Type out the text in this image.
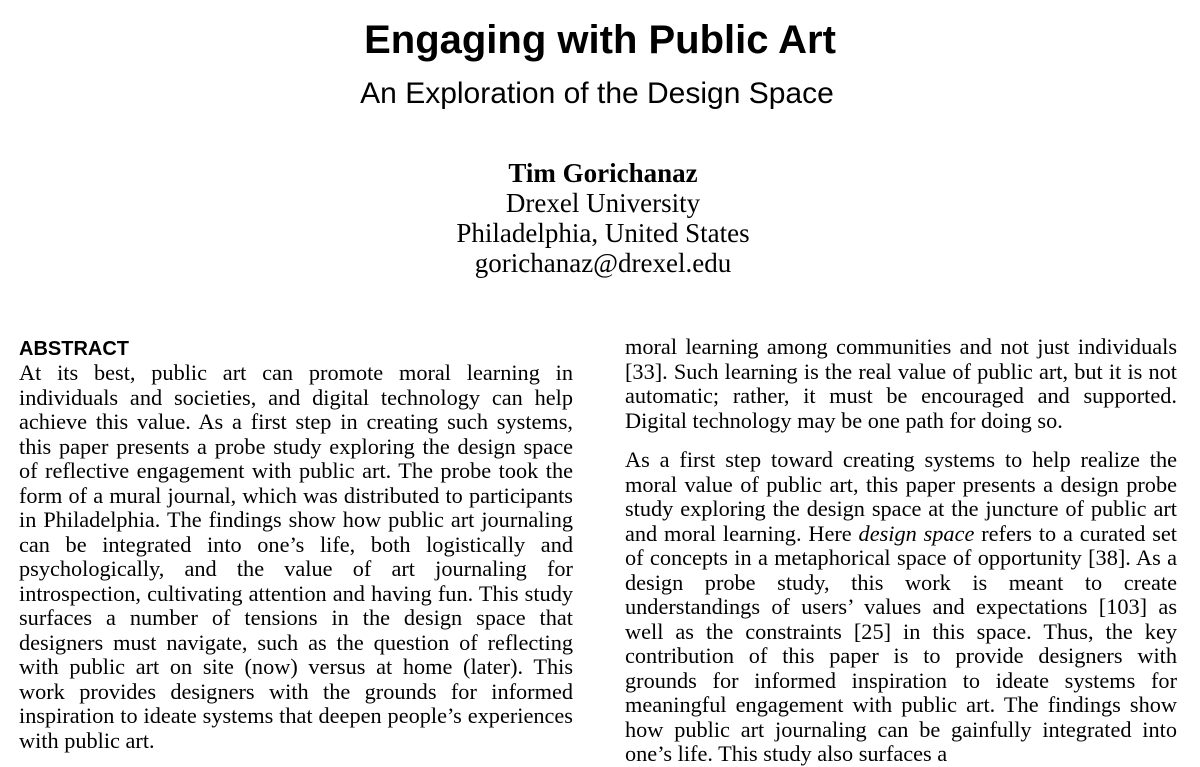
Engaging with Public Art
An Exploration of the Design Space
Tim Gorichanaz
Drexel University
Philadelphia, United States
gorichanaz@drexel.edu
ABSTRACT

At its best, public art can promote moral learning in individuals and societies, and digital technology can help achieve this value. As a first step in creating such systems, this paper presents a probe study exploring the design space of reflective engagement with public art. The probe took the form of a mural journal, which was distributed to participants in Philadelphia. The findings show how public art journaling can be integrated into one’s life, both logistically and psychologically, and the value of art journaling for introspection, cultivating attention and having fun. This study surfaces a number of tensions in the design space that designers must navigate, such as the question of reflecting with public art on site (now) versus at home (later). This work provides designers with the grounds for informed inspiration to ideate systems that deepen people’s experiences with public art.

moral learning among communities and not just individuals [33]. Such learning is the real value of public art, but it is not automatic; rather, it must be encouraged and supported. Digital technology may be one path for doing so.

As a first step toward creating systems to help realize the moral value of public art, this paper presents a design probe study exploring the design space at the juncture of public art and moral learning. Here design space refers to a curated set of concepts in a metaphorical space of opportunity [38]. As a design probe study, this work is meant to create understandings of users’ values and expectations [103] as well as the constraints [25] in this space. Thus, the key contribution of this paper is to provide designers with grounds for informed inspiration to ideate systems for meaningful engagement with public art. The findings show how public art journaling can be gainfully integrated into one’s life. This study also surfaces a
